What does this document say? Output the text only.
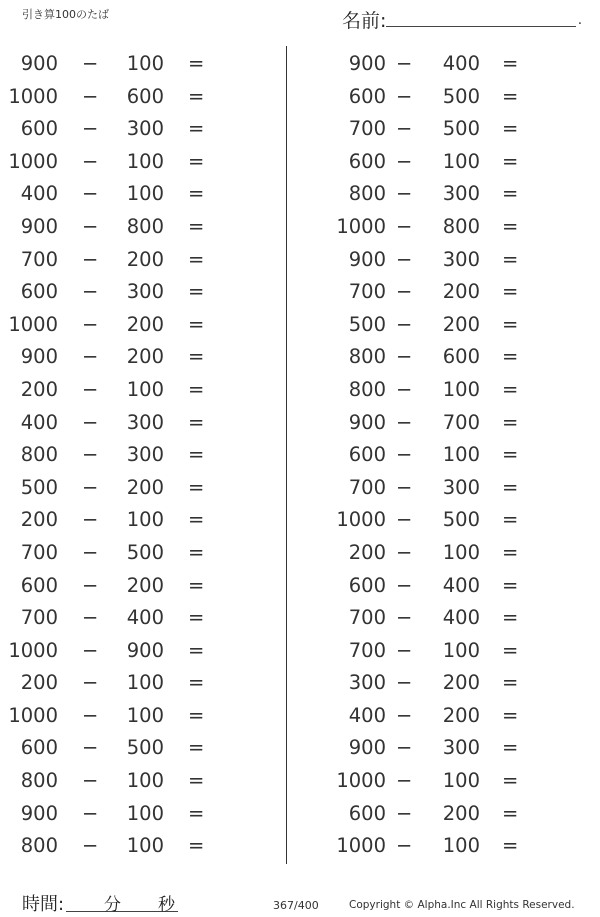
引き算100のたば	名前:	.
900 − 100 =
1000 − 600 =
600 − 300 =
1000 − 100 =
400 − 100 =
900 − 800 =
700 − 200 =
600 − 300 =
1000 − 200 =
900 − 200 =
200 − 100 =
400 − 300 =
800 − 300 =
500 − 200 =
200 − 100 =
700 − 500 =
600 − 200 =
700 − 400 =
1000 − 900 =
200 − 100 =
1000 − 100 =
600 − 500 =
800 − 100 =
900 − 100 =
800 − 100 =
900 − 400 =
600 − 500 =
700 − 500 =
600 − 100 =
800 − 300 =
1000 − 800 =
900 − 300 =
700 − 200 =
500 − 200 =
800 − 600 =
800 − 100 =
900 − 700 =
600 − 100 =
700 − 300 =
1000 − 500 =
200 − 100 =
600 − 400 =
700 − 400 =
700 − 100 =
300 − 200 =
400 − 200 =
900 − 300 =
1000 − 100 =
600 − 200 =
1000 − 100 =
時間: 分 秒	367/400	Copyright © Alpha.Inc All Rights Reserved.
